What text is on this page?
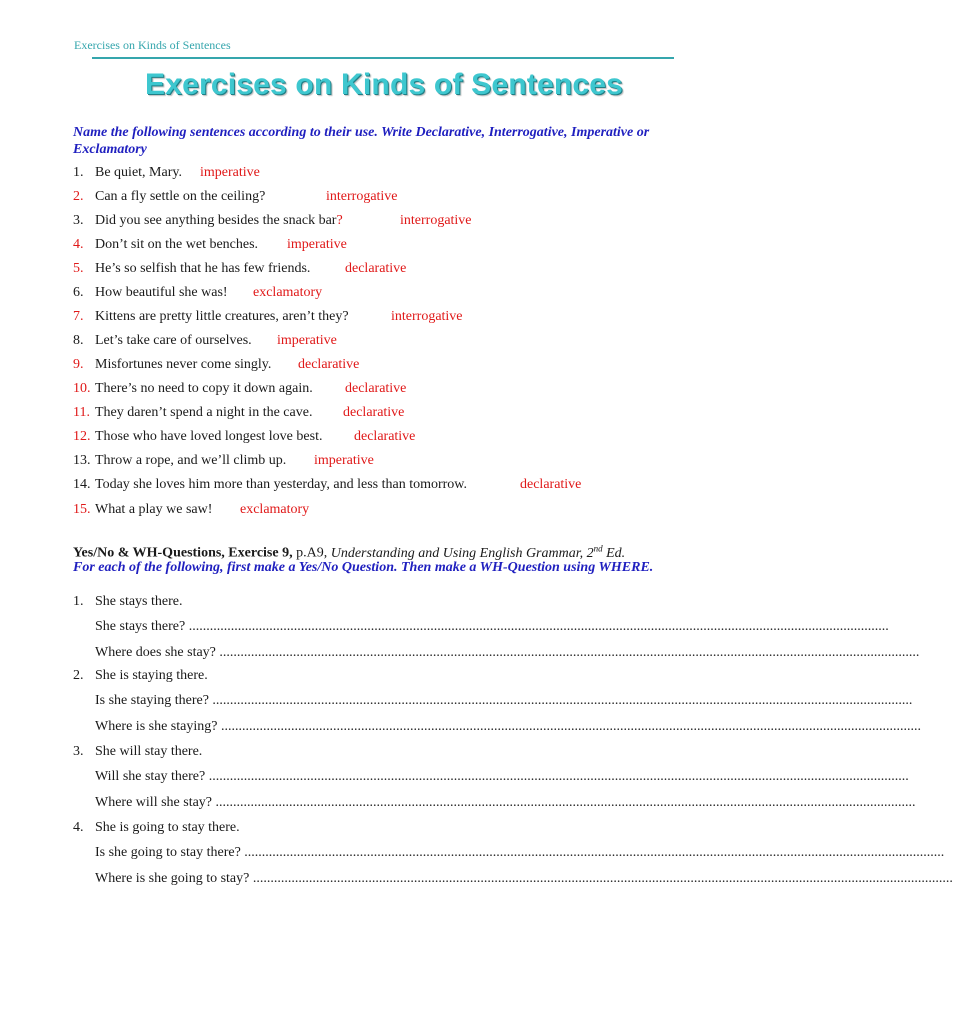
Exercises on Kinds of Sentences
Exercises on Kinds of Sentences
Name the following sentences according to their use. Write Declarative, Interrogative, Imperative or Exclamatory
1. Be quiet, Mary. imperative
2. Can a fly settle on the ceiling?	interrogative
3. Did you see anything besides the snack bar?	interrogative
4. Don’t sit on the wet benches. imperative
5. He’s so selfish that he has few friends. declarative
6. How beautiful she was! exclamatory
7. Kittens are pretty little creatures, aren’t they?	interrogative
8. Let’s take care of ourselves. imperative
9. Misfortunes never come singly. declarative
10. There’s no need to copy it down again. declarative
11. They daren’t spend a night in the cave. declarative
12. Those who have loved longest love best. declarative
13. Throw a rope, and we’ll climb up. imperative
14. Today she loves him more than yesterday, and less than tomorrow.	declarative
15. What a play we saw! exclamatory
Yes/No & WH-Questions, Exercise 9, p.A9, Understanding and Using English Grammar, 2nd Ed.
For each of the following, first make a Yes/No Question. Then make a WH-Question using WHERE.
1. She stays there.
She stays there? ........................................................................................................................................................................................................
Where does she stay? ........................................................................................................................................................................................................
2. She is staying there.
Is she staying there? ........................................................................................................................................................................................................
Where is she staying? ........................................................................................................................................................................................................
3. She will stay there.
Will she stay there? ........................................................................................................................................................................................................
Where will she stay? ........................................................................................................................................................................................................
4. She is going to stay there.
Is she going to stay there? ........................................................................................................................................................................................................
Where is she going to stay? ........................................................................................................................................................................................................
